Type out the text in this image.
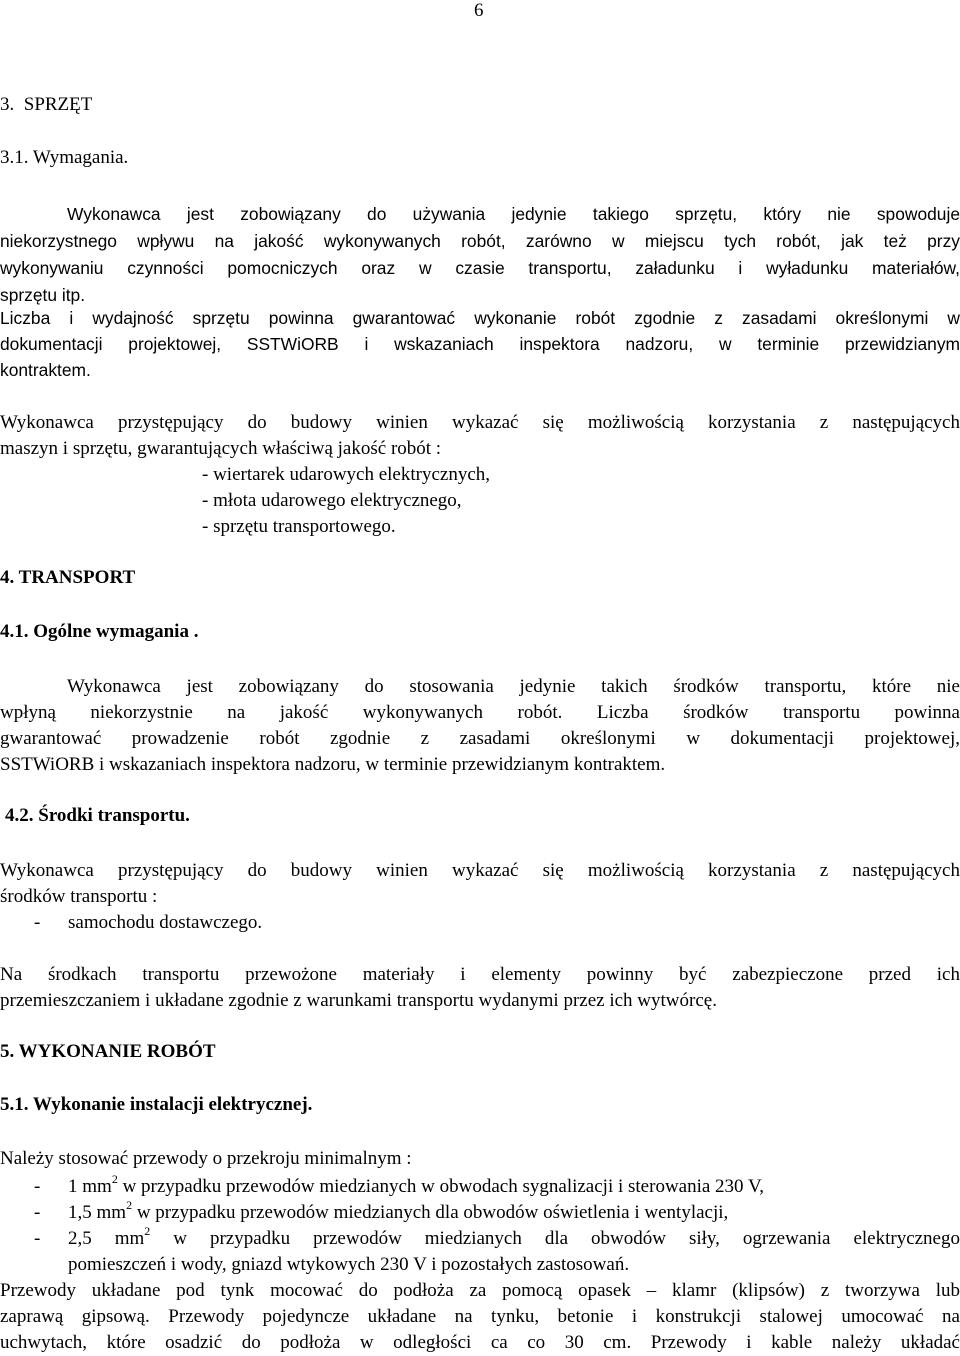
6
3.  SPRZĘT
3.1. Wymagania.
Wykonawca jest zobowiązany do używania jedynie takiego sprzętu, który nie spowoduje
niekorzystnego wpływu na jakość wykonywanych robót, zarówno w miejscu tych robót, jak też przy
wykonywaniu czynności pomocniczych oraz w czasie transportu, załadunku i wyładunku materiałów,
sprzętu itp.
Liczba i wydajność sprzętu powinna gwarantować wykonanie robót zgodnie z zasadami określonymi w
dokumentacji projektowej, SSTWiORB i wskazaniach inspektora nadzoru, w terminie przewidzianym
kontraktem.
Wykonawca przystępujący do budowy winien wykazać się możliwością korzystania z następujących
maszyn i sprzętu, gwarantujących właściwą jakość robót :
- wiertarek udarowych elektrycznych,
- młota udarowego elektrycznego,
- sprzętu transportowego.
4. TRANSPORT
4.1. Ogólne wymagania .
Wykonawca jest zobowiązany do stosowania jedynie takich środków transportu, które nie
wpłyną niekorzystnie na jakość wykonywanych robót. Liczba środków transportu powinna
gwarantować prowadzenie robót zgodnie z zasadami określonymi w dokumentacji projektowej,
SSTWiORB i wskazaniach inspektora nadzoru, w terminie przewidzianym kontraktem.
4.2. Środki transportu.
Wykonawca przystępujący do budowy winien wykazać się możliwością korzystania z następujących
środków transportu :
- samochodu dostawczego.
Na środkach transportu przewożone materiały i elementy powinny być zabezpieczone przed ich
przemieszczaniem i układane zgodnie z warunkami transportu wydanymi przez ich wytwórcę.
5. WYKONANIE ROBÓT
5.1. Wykonanie instalacji elektrycznej.
Należy stosować przewody o przekroju minimalnym :
- 1 $mm^2$ w przypadku przewodów miedzianych w obwodach sygnalizacji i sterowania 230 V,
- 1,5 $mm^2$ w przypadku przewodów miedzianych dla obwodów oświetlenia i wentylacji,
-	2,5 $mm^2$ w przypadku przewodów miedzianych dla obwodów siły, ogrzewania elektrycznego
pomieszczeń i wody, gniazd wtykowych 230 V i pozostałych zastosowań.
Przewody układane pod tynk mocować do podłoża za pomocą opasek – klamr (klipsów) z tworzywa lub
zaprawą gipsową. Przewody pojedyncze układane na tynku, betonie i konstrukcji stalowej umocować na
uchwytach, które osadzić do podłoża w odległości ca co 30 cm. Przewody i kable należy układać
